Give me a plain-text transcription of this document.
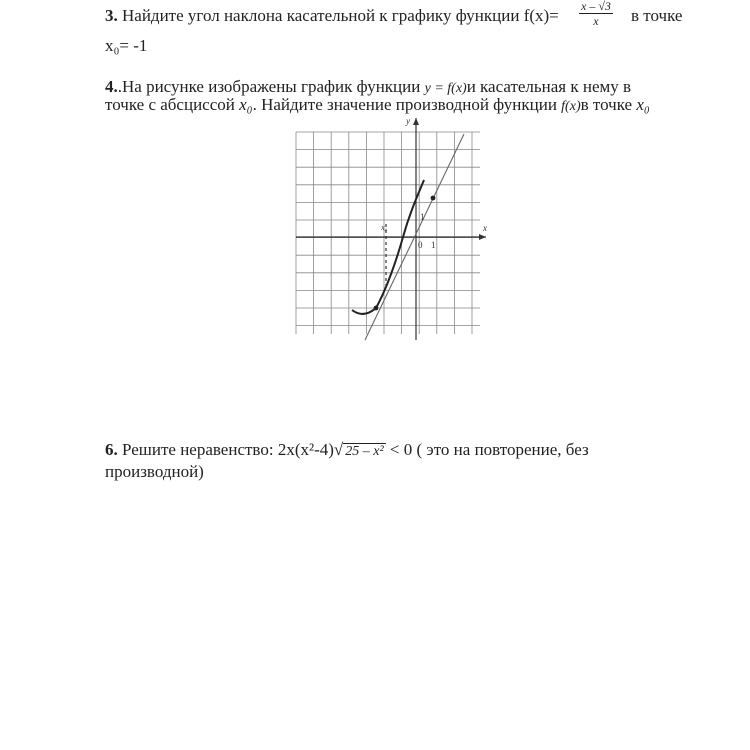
3. Найдите угол наклона касательной к графику функции $f(x)= \frac{x - √3}{x}$ в точке
x₀= -1
4..На рисунке изображены график функции y = f(x)и касательная к нему в
точке с абсциссой x₀. Найдите значение производной функции f(x)в точке x₀
y
x
0 1
1
x₀
6. Решите неравенство: 2x(x²-4)√ 25 – x² < 0 ( это на повторение, без
производной)
